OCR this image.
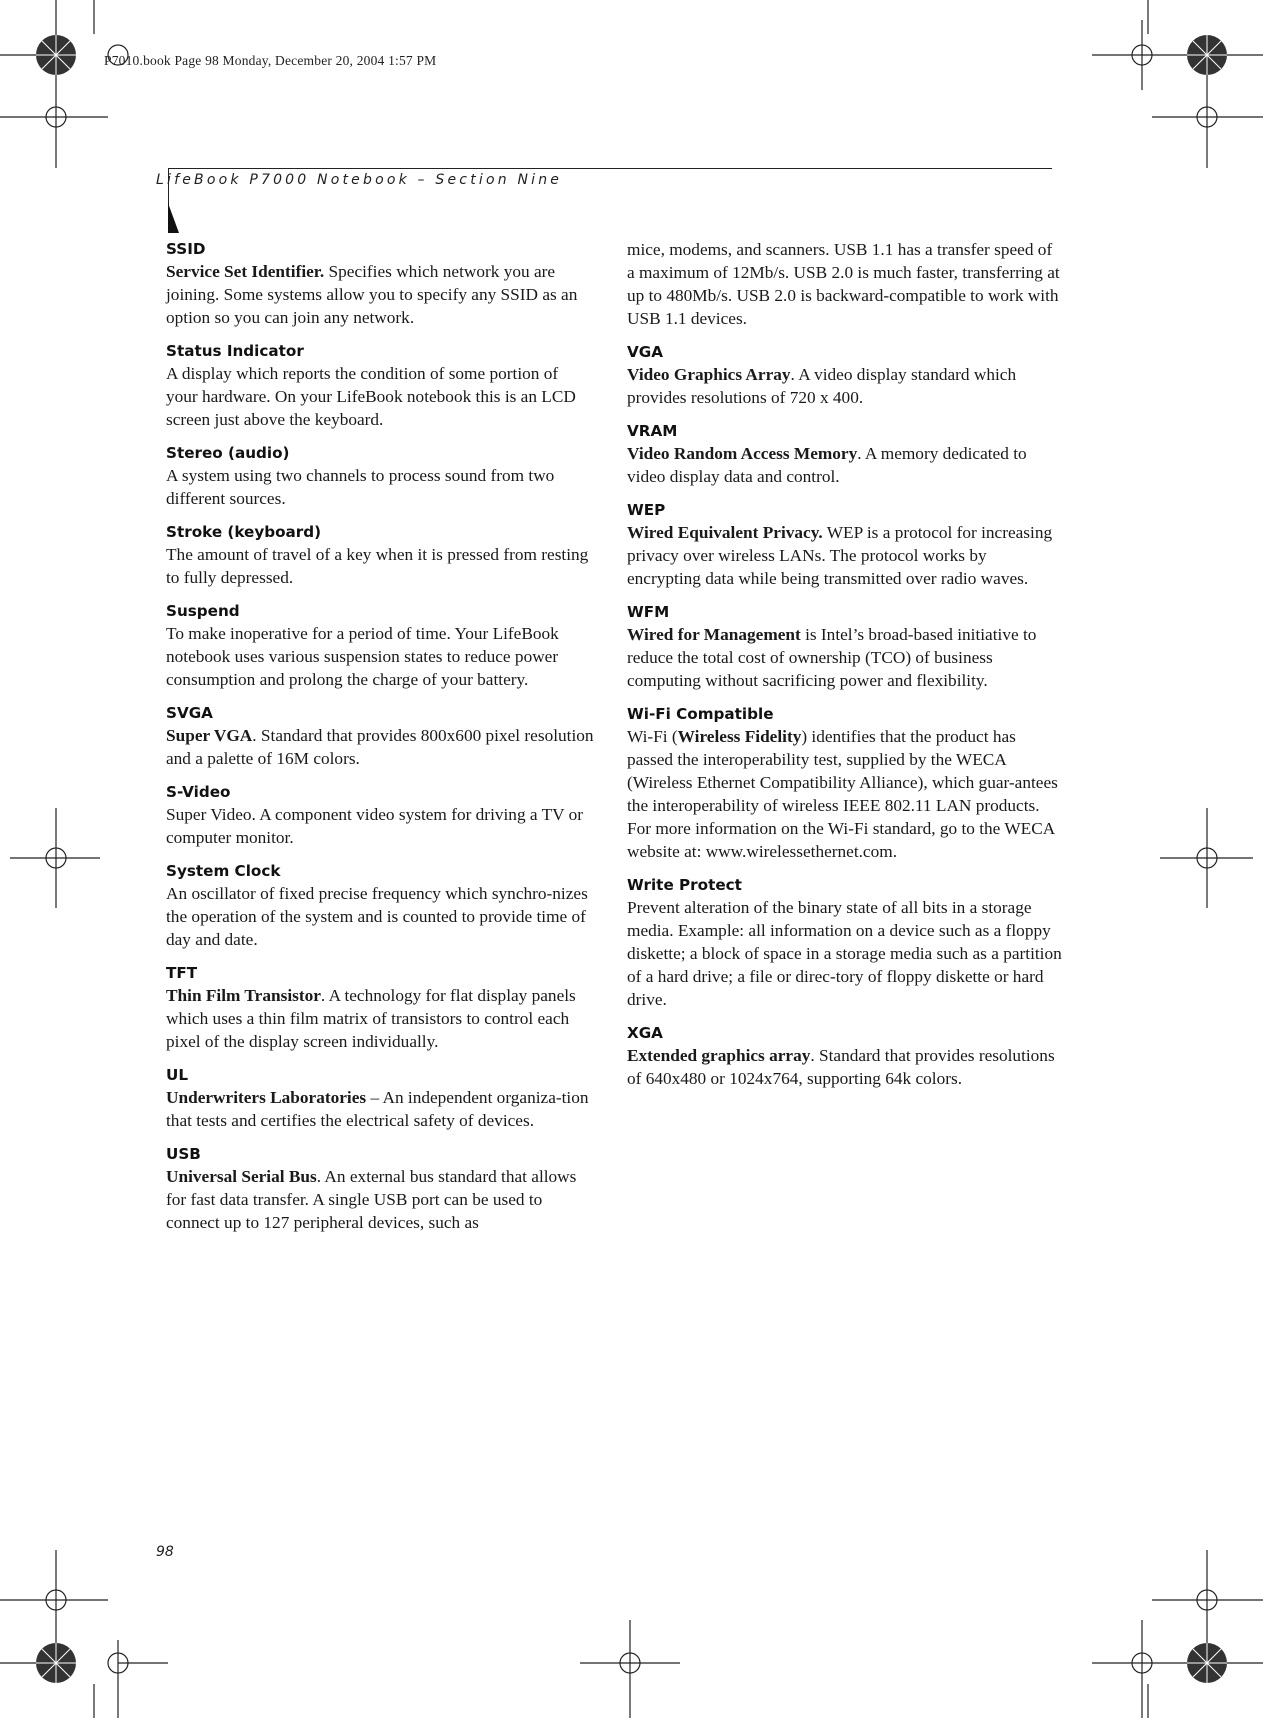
P7010.book Page 98 Monday, December 20, 2004 1:57 PM
LifeBook P7000 Notebook – Section Nine
SSID
Service Set Identifier. Specifies which network you are joining. Some systems allow you to specify any SSID as an option so you can join any network.
Status Indicator
A display which reports the condition of some portion of your hardware. On your LifeBook notebook this is an LCD screen just above the keyboard.
Stereo (audio)
A system using two channels to process sound from two different sources.
Stroke (keyboard)
The amount of travel of a key when it is pressed from resting to fully depressed.
Suspend
To make inoperative for a period of time. Your LifeBook notebook uses various suspension states to reduce power consumption and prolong the charge of your battery.
SVGA
Super VGA. Standard that provides 800x600 pixel resolution and a palette of 16M colors.
S-Video
Super Video. A component video system for driving a TV or computer monitor.
System Clock
An oscillator of fixed precise frequency which synchro-nizes the operation of the system and is counted to provide time of day and date.
TFT
Thin Film Transistor. A technology for flat display panels which uses a thin film matrix of transistors to control each pixel of the display screen individually.
UL
Underwriters Laboratories – An independent organiza-tion that tests and certifies the electrical safety of devices.
USB
Universal Serial Bus. An external bus standard that allows for fast data transfer. A single USB port can be used to connect up to 127 peripheral devices, such as
mice, modems, and scanners. USB 1.1 has a transfer speed of a maximum of 12Mb/s. USB 2.0 is much faster, transferring at up to 480Mb/s. USB 2.0 is backward-compatible to work with USB 1.1 devices.
VGA
Video Graphics Array. A video display standard which provides resolutions of 720 x 400.
VRAM
Video Random Access Memory. A memory dedicated to video display data and control.
WEP
Wired Equivalent Privacy. WEP is a protocol for increasing privacy over wireless LANs. The protocol works by encrypting data while being transmitted over radio waves.
WFM
Wired for Management is Intel’s broad-based initiative to reduce the total cost of ownership (TCO) of business computing without sacrificing power and flexibility.
Wi-Fi Compatible
Wi-Fi (Wireless Fidelity) identifies that the product has passed the interoperability test, supplied by the WECA (Wireless Ethernet Compatibility Alliance), which guar-antees the interoperability of wireless IEEE 802.11 LAN products. For more information on the Wi-Fi standard, go to the WECA website at: www.wirelessethernet.com.
Write Protect
Prevent alteration of the binary state of all bits in a storage media. Example: all information on a device such as a floppy diskette; a block of space in a storage media such as a partition of a hard drive; a file or direc-tory of floppy diskette or hard drive.
XGA
Extended graphics array. Standard that provides resolutions of 640x480 or 1024x764, supporting 64k colors.
98
